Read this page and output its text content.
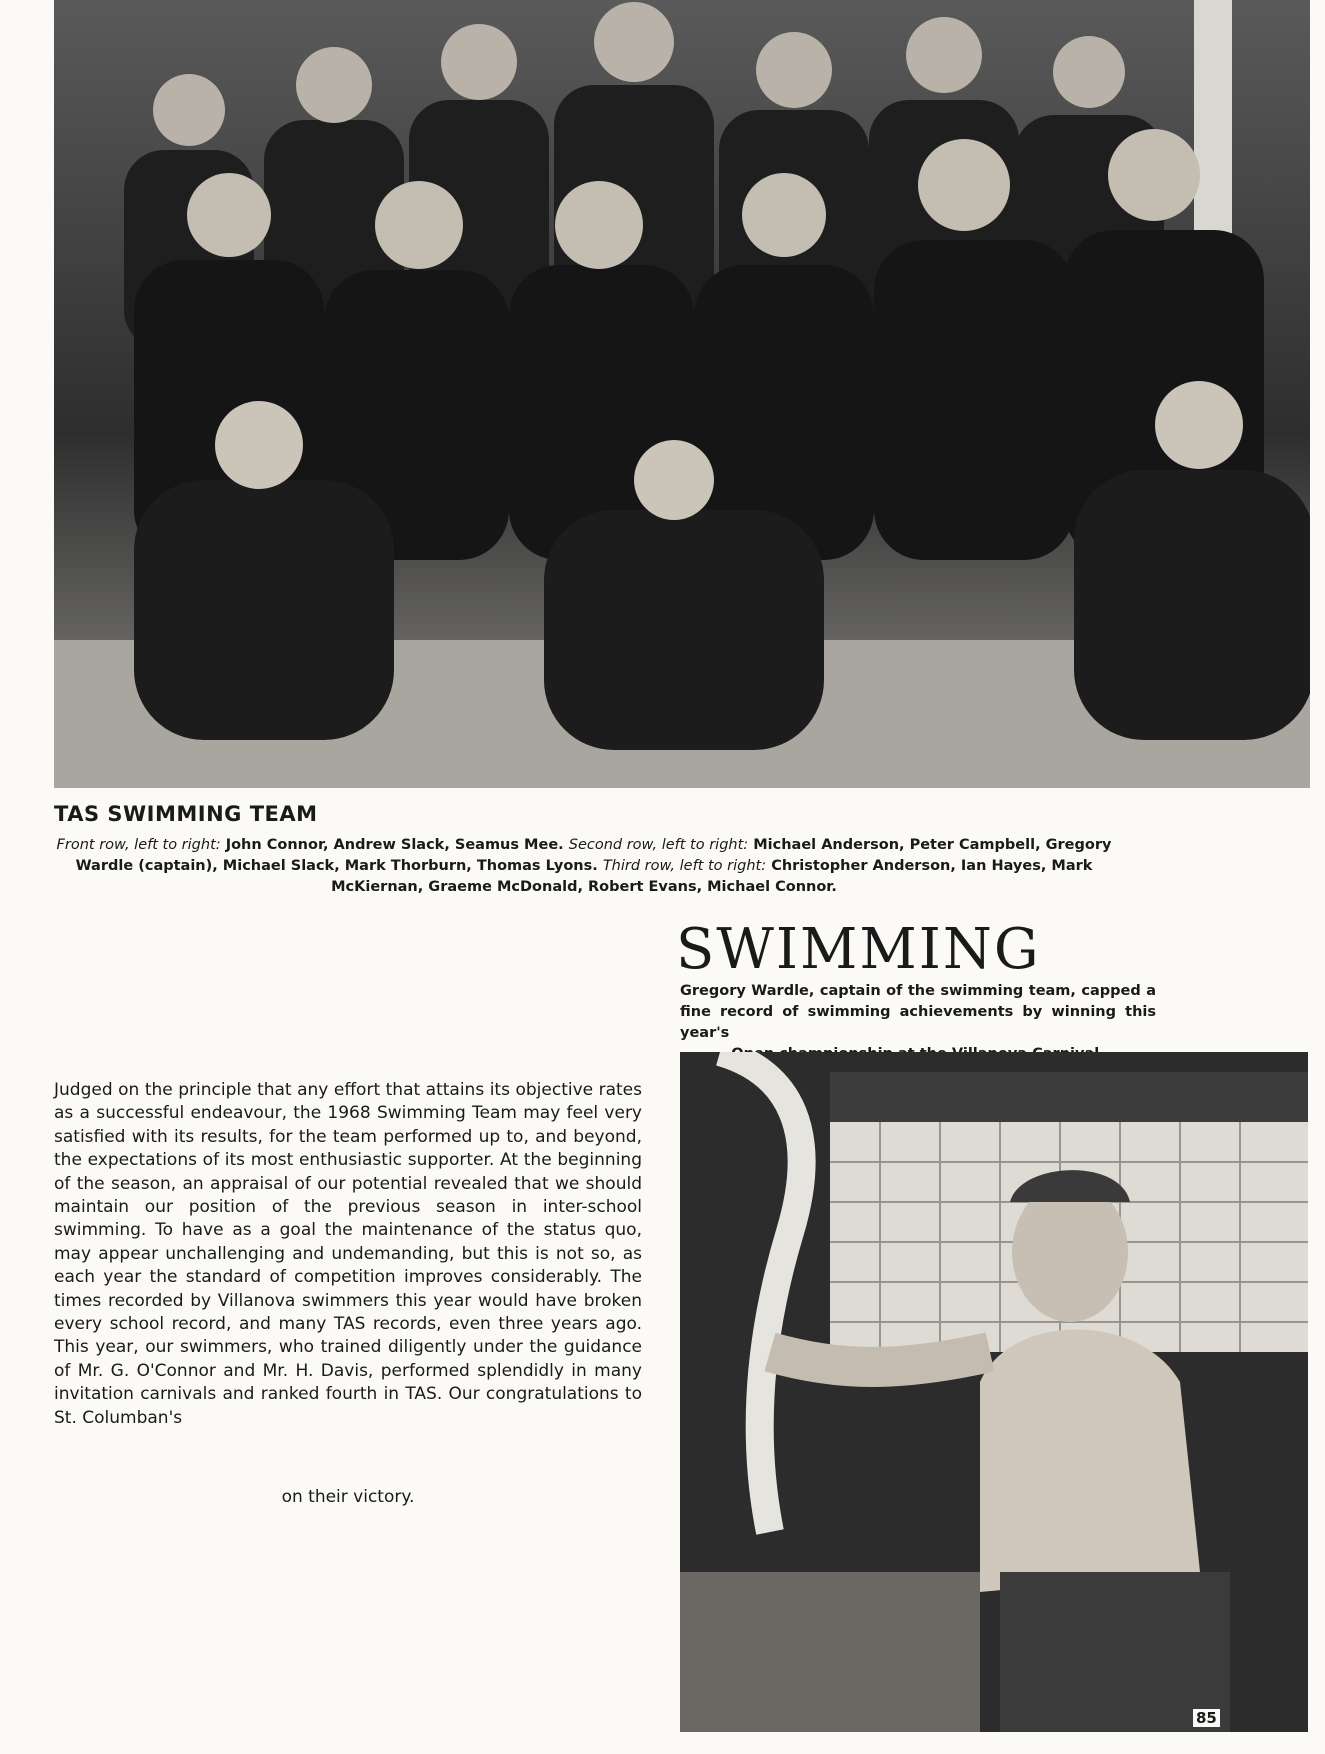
TAS SWIMMING TEAM

Front row, left to right: John Connor, Andrew Slack, Seamus Mee. Second row, left to right: Michael Anderson, Peter Campbell, Gregory Wardle (captain), Michael Slack, Mark Thorburn, Thomas Lyons. Third row, left to right: Christopher Anderson, Ian Hayes, Mark McKiernan, Graeme McDonald, Robert Evans, Michael Connor.

SWIMMING

Gregory Wardle, captain of the swimming team, capped a fine record of swimming achievements by winning this year's

Judged on the principle that any effort that attains its objective rates as a successful endeavour, the 1968 Swimming Team may feel very satisfied with its results, for the team performed up to, and beyond, the expectations of its most enthusiastic supporter. At the beginning of the season, an appraisal of our potential revealed that we should maintain our position of the previous season in inter-school swimming. To have as a goal the maintenance of the status quo, may appear unchallenging and undemanding, but this is not so, as each year the standard of competition improves considerably. The times recorded by Villanova swimmers this year would have broken every school record, and many TAS records, even three years ago. This year, our swimmers, who trained diligently under the guidance of Mr. G. O'Connor and Mr. H. Davis, performed splendidly in many invitation carnivals and ranked fourth in TAS. Our congratulations to St. Columban's

on their victory.

85
